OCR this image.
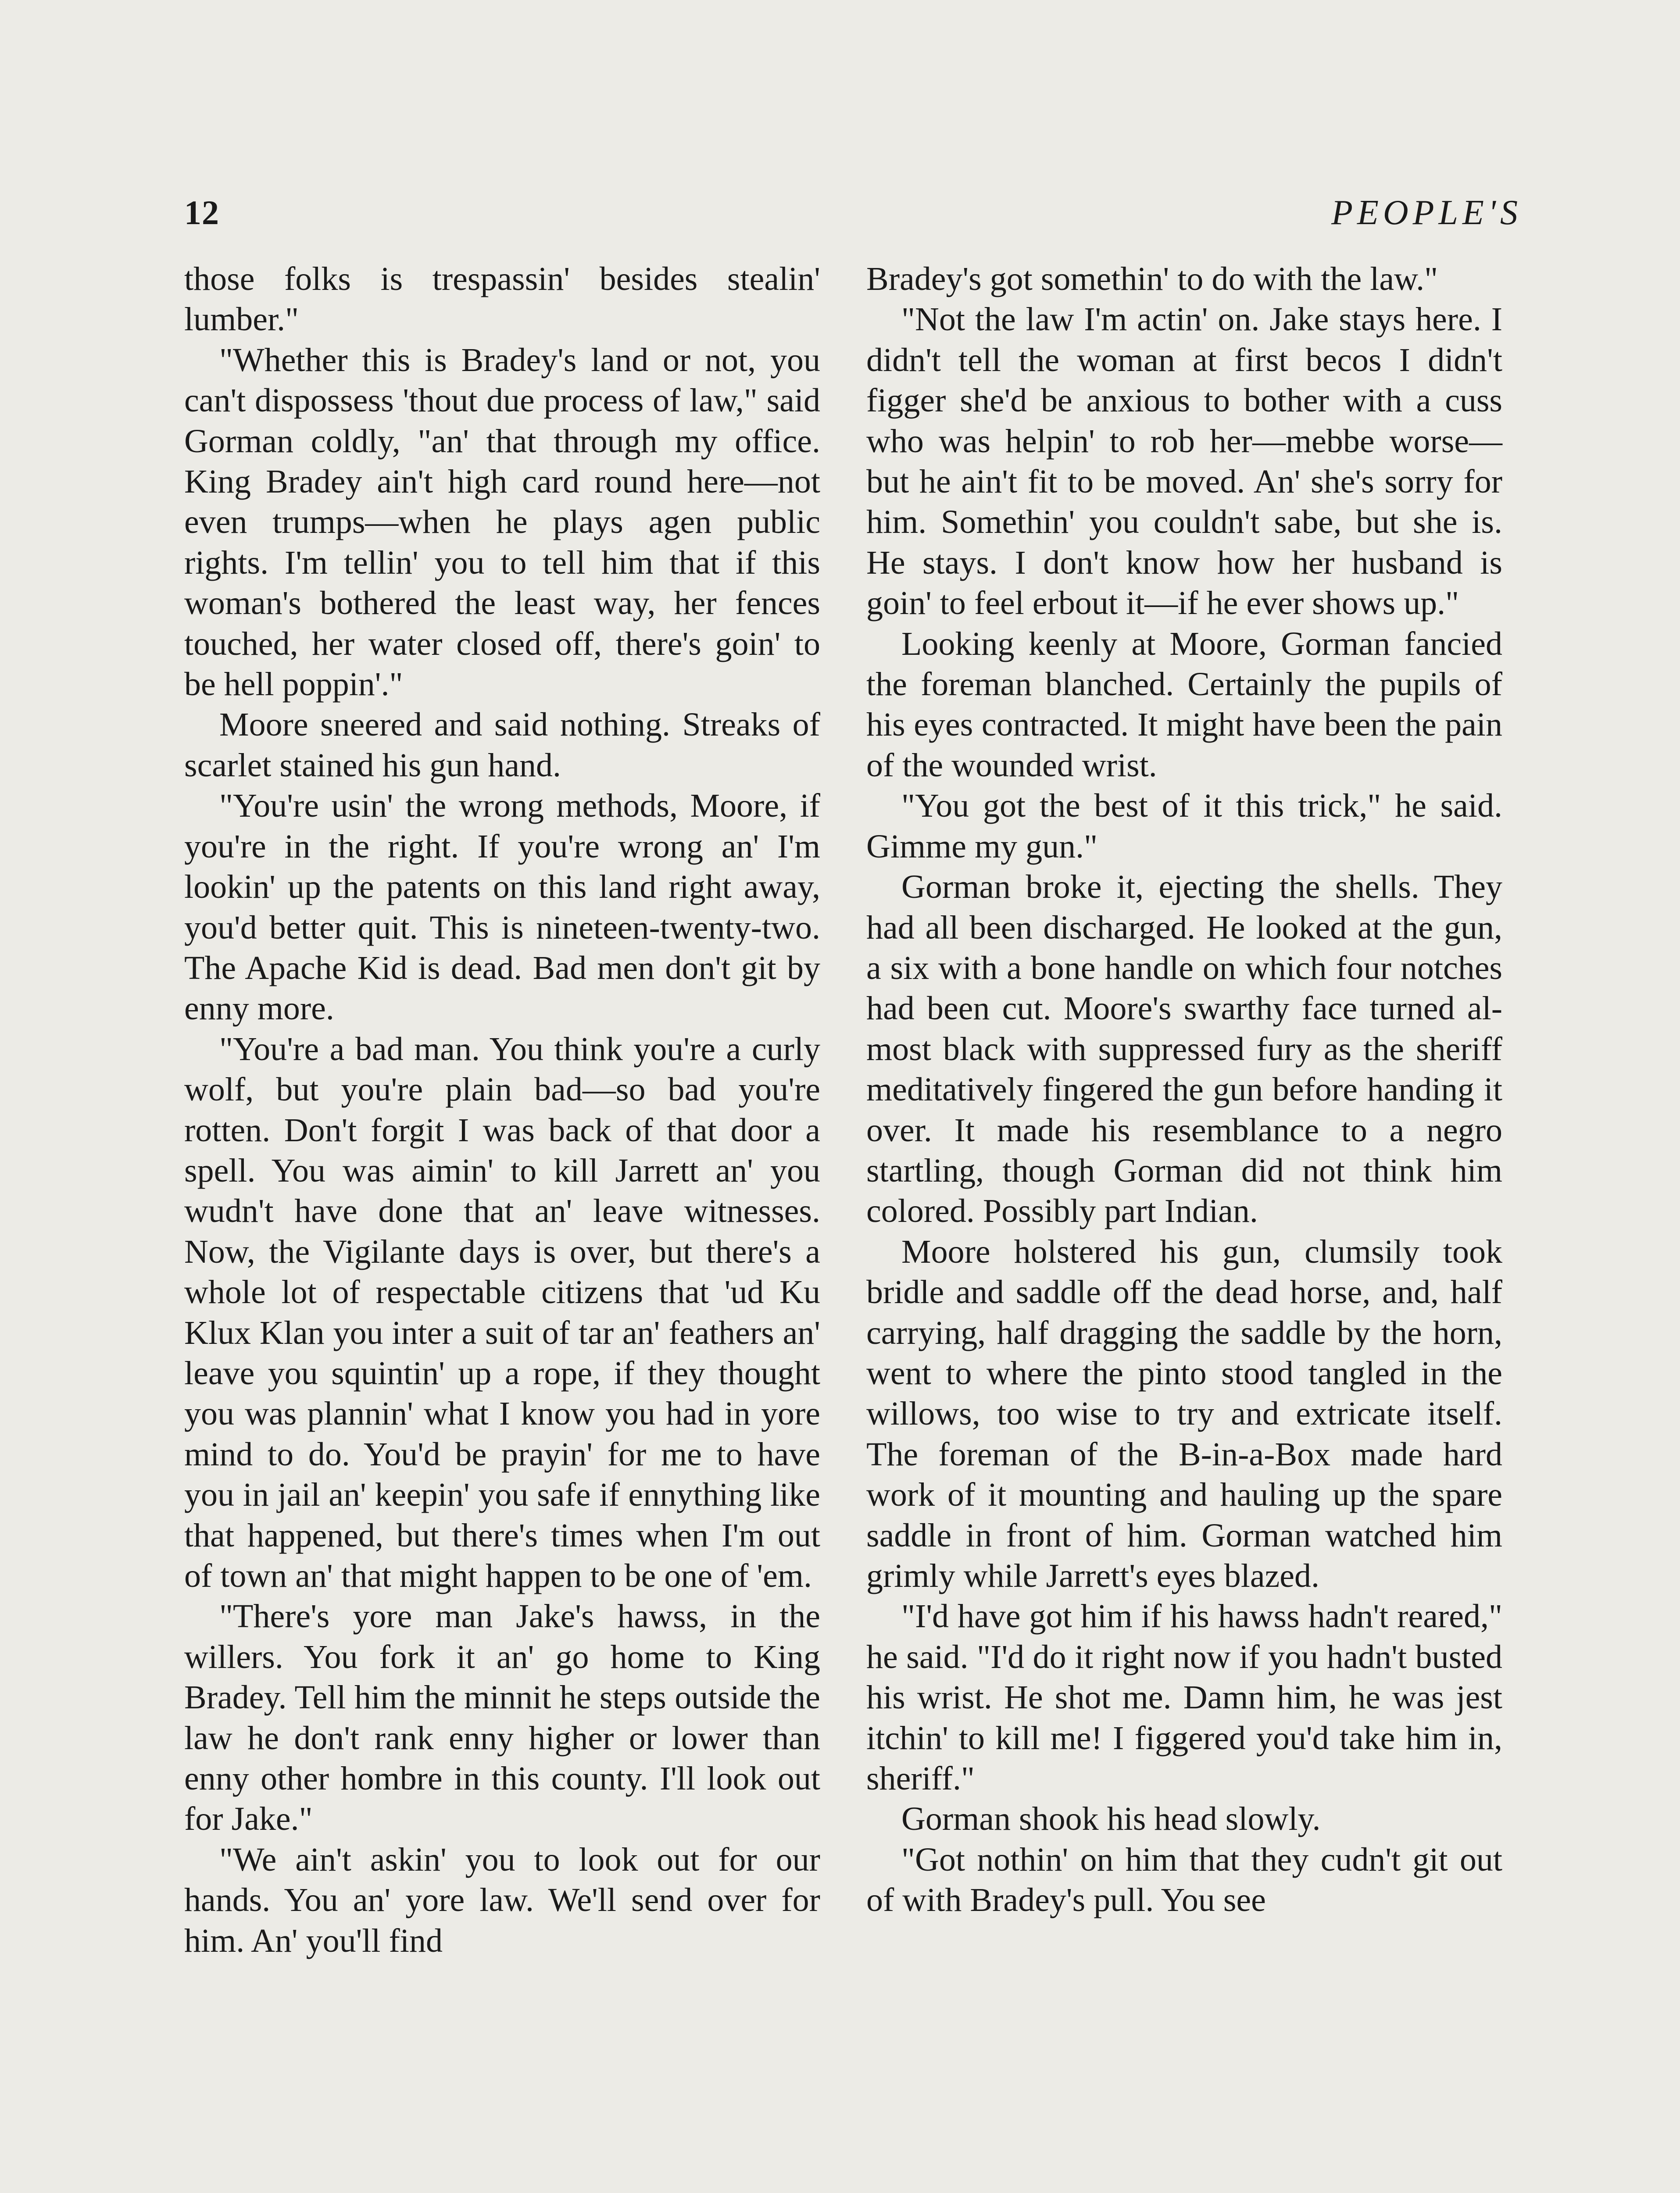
12	PEOPLE'S

those folks is trespassin' besides stealin' lumber."

"Whether this is Bradey's land or not, you can't dispossess 'thout due process of law," said Gorman coldly, "an' that through my office. King Bradey ain't high card round here—not even trumps—when he plays agen public rights. I'm tellin' you to tell him that if this woman's bothered the least way, her fences touched, her water closed off, there's goin' to be hell poppin'."

Moore sneered and said nothing. Streaks of scarlet stained his gun hand.

"You're usin' the wrong methods, Moore, if you're in the right. If you're wrong an' I'm lookin' up the patents on this land right away, you'd better quit. This is nineteen-twenty-two. The Apache Kid is dead. Bad men don't git by enny more.

"You're a bad man. You think you're a curly wolf, but you're plain bad—so bad you're rotten. Don't forgit I was back of that door a spell. You was aimin' to kill Jarrett an' you wudn't have done that an' leave witnesses. Now, the Vigilante days is over, but there's a whole lot of respectable citizens that 'ud Ku Klux Klan you inter a suit of tar an' feathers an' leave you squintin' up a rope, if they thought you was plannin' what I know you had in yore mind to do. You'd be prayin' for me to have you in jail an' keepin' you safe if ennything like that happened, but there's times when I'm out of town an' that might happen to be one of 'em.

"There's yore man Jake's hawss, in the willers. You fork it an' go home to King Bradey. Tell him the minnit he steps outside the law he don't rank enny higher or lower than enny other hombre in this county. I'll look out for Jake."

"We ain't askin' you to look out for our hands. You an' yore law. We'll send over for him. An' you'll find

Bradey's got somethin' to do with the law."

"Not the law I'm actin' on. Jake stays here. I didn't tell the woman at first becos I didn't figger she'd be anxious to bother with a cuss who was helpin' to rob her—mebbe worse—but he ain't fit to be moved. An' she's sorry for him. Somethin' you couldn't sabe, but she is. He stays. I don't know how her husband is goin' to feel erbout it—if he ever shows up."

Looking keenly at Moore, Gorman fancied the foreman blanched. Certainly the pupils of his eyes contracted. It might have been the pain of the wounded wrist.

"You got the best of it this trick," he said. Gimme my gun."

Gorman broke it, ejecting the shells. They had all been discharged. He looked at the gun, a six with a bone handle on which four notches had been cut. Moore's swarthy face turned almost black with suppressed fury as the sheriff meditatively fingered the gun before handing it over. It made his resemblance to a negro startling, though Gorman did not think him colored. Possibly part Indian.

Moore holstered his gun, clumsily took bridle and saddle off the dead horse, and, half carrying, half dragging the saddle by the horn, went to where the pinto stood tangled in the willows, too wise to try and extricate itself. The foreman of the B-in-a-Box made hard work of it mounting and hauling up the spare saddle in front of him. Gorman watched him grimly while Jarrett's eyes blazed.

"I'd have got him if his hawss hadn't reared," he said. "I'd do it right now if you hadn't busted his wrist. He shot me. Damn him, he was jest itchin' to kill me! I figgered you'd take him in, sheriff."

Gorman shook his head slowly.

"Got nothin' on him that they cudn't git out of with Bradey's pull. You see
